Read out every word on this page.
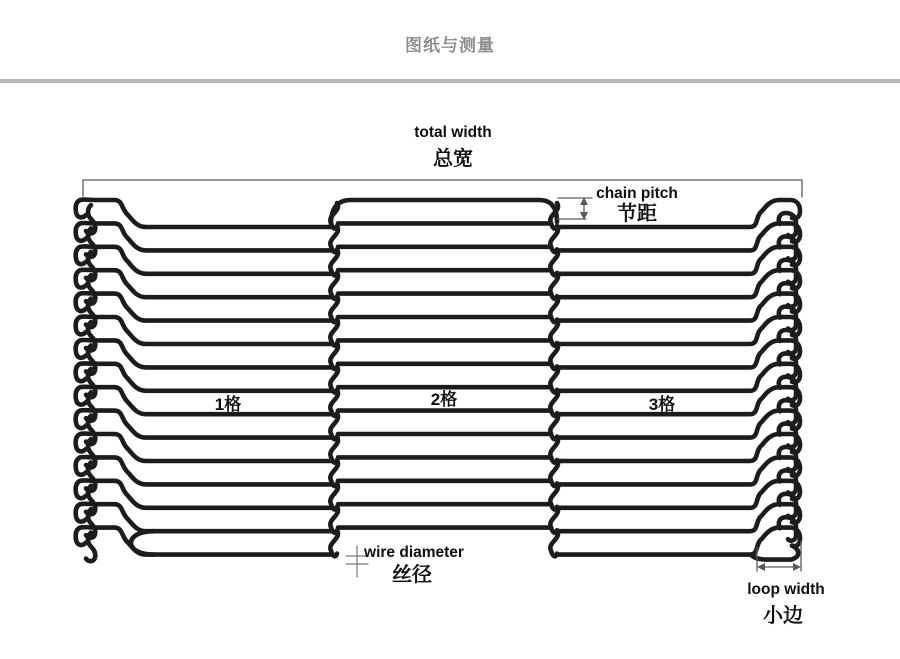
图纸与测量
total width
总宽
chain pitch
节距
1格	2格	3格
wire diameter
丝径
loop width
小边
